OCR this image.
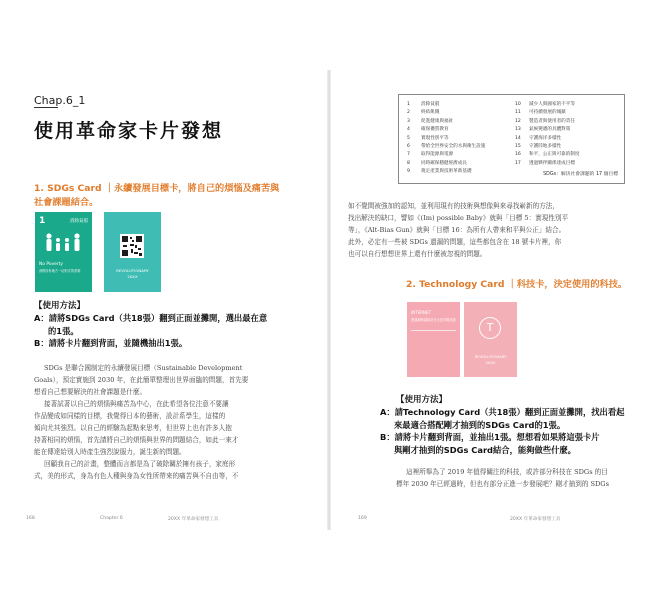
Chap.6_1
使用革命家卡片發想
1. SDGs Card ｜永續發展目標卡，將自己的煩惱及痛苦與
社會課題結合。
1	消除貧窮
No Poverty
消除所有地方一切形式的貧窮	REVOLUTIONARY
20XX
【使用方法】
A：請將SDGs Card（共18張）翻到正面並攤開，選出最在意
的1張。
B：請將卡片翻到背面，並隨機抽出1張。
SDGs 是聯合國制定的永續發展目標（Sustainable Development
Goals），預定實施到 2030 年，在此簡單整理出世界面臨的問題，首先要
想看自己想要解決的社會課題是什麼。
接著試著以自己的煩惱與痛苦為中心，在此希望各位注意不要讓
作品變成如同樣的目標，我覺得日本的藝術，設計系學生，這樣的
傾向尤其強烈。以自己的經驗為起點來思考，但世界上也有許多人抱
持著相同的煩惱，首先請將自己的煩惱與世界的問題結合，如此一來才
能在傳達給別人時產生強烈說服力，誕生新的問題。
回顧我自己的計畫，整體而言都是為了破除關於擁有孩子，家庭形
式，美的形式，身為有色人種與身為女性所帶來的痛苦與不自由等，不
168	Chapter 6	20XX 年革命家發想工具
1 消除貧窮
2 終結飢餓
3 促進健康與福祉
4 確保優質教育
5 實現性別平等
6 帶給全世界安全的水與衛生設施
7 取得能源與電源
8 同時確保穩健經濟成長
9 奠定產業與技術革新基礎
10 減少人與國家的不平等
11 可持續發展的城鎮
12 製造者與使用者的責任
13 氣候變遷的具體對策
14 守護海洋多樣性
15 守護陸地多樣性
16 和平，公正與可靠的制度
17 透過夥伴關係達成目標
SDGs：解決社會課題的 17 個目標
如不覺間被強加的認知，並利用現有的技術與想像與來尋找嶄新的方法，
找出解決的缺口，譬如《(Im) possible Baby》就與「目標 5：實現性別平
等」，《Alt-Bias Gun》就與「目標 16：為所有人帶來和平與公正」結合。
此外，必定有一些被 SDGs 遺漏的問題，這些都包含在 18 號卡片裡，你
也可以自行想想世界上還有什麼被忽視的問題。
2. Technology Card ｜科技卡，決定使用的科技。
INTERNET
透過網路讓資訊在全世界間流通
T
REVOLUTIONARY
20XX
【使用方法】
A：請Technology Card（共18張）翻到正面並攤開，找出看起
來最適合搭配剛才抽到的SDGs Card的1張。
B：請將卡片翻到背面，並抽出1張。想想看如果將這張卡片
與剛才抽到的SDGs Card結合，能夠做些什麼。
這裡所舉為了 2019 年值得關注的科技，或許部分科技在 SDGs 的目
標年 2030 年已經過時，但也有部分正進一步發展吧？剛才抽到的 SDGs
169	20XX 年革命家發想工具
